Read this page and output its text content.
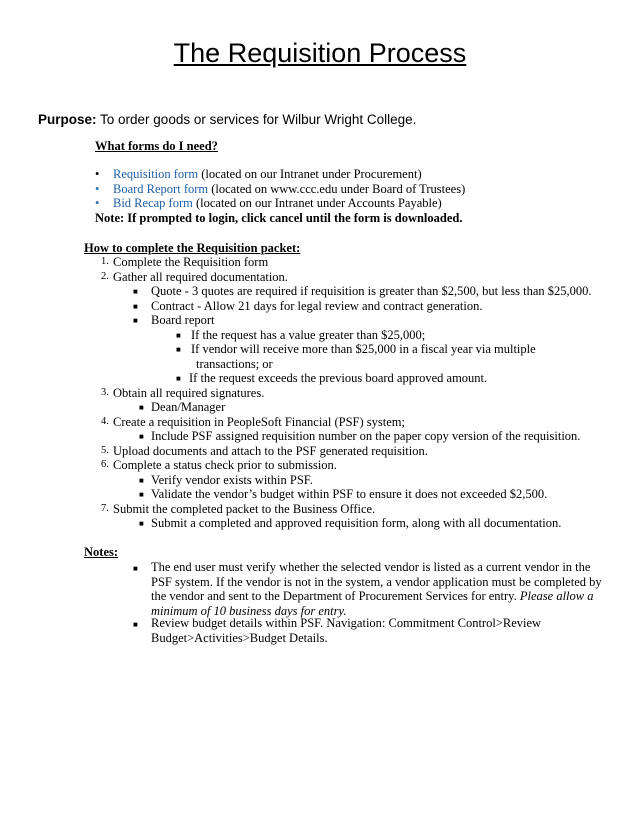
The Requisition Process
Purpose: To order goods or services for Wilbur Wright College.
What forms do I need?
• Requisition form (located on our Intranet under Procurement)
• Board Report form (located on www.ccc.edu under Board of Trustees)
• Bid Recap form (located on our Intranet under Accounts Payable)
Note: If prompted to login, click cancel until the form is downloaded.
How to complete the Requisition packet:
1. Complete the Requisition form
2. Gather all required documentation.
■ Quote - 3 quotes are required if requisition is greater than $2,500, but less than $25,000.
■ Contract - Allow 21 days for legal review and contract generation.
■ Board report
■ If the request has a value greater than $25,000;
■ If vendor will receive more than $25,000 in a fiscal year via multiple
transactions; or
■ If the request exceeds the previous board approved amount.
3. Obtain all required signatures.
■ Dean/Manager
4. Create a requisition in PeopleSoft Financial (PSF) system;
■ Include PSF assigned requisition number on the paper copy version of the requisition.
5. Upload documents and attach to the PSF generated requisition.
6. Complete a status check prior to submission.
■ Verify vendor exists within PSF.
■ Validate the vendor’s budget within PSF to ensure it does not exceeded $2,500.
7. Submit the completed packet to the Business Office.
■ Submit a completed and approved requisition form, along with all documentation.
Notes:
■ The end user must verify whether the selected vendor is listed as a current vendor in the PSF system. If the vendor is not in the system, a vendor application must be completed by the vendor and sent to the Department of Procurement Services for entry. Please allow a minimum of 10 business days for entry.
■ Review budget details within PSF. Navigation: Commitment Control>Review Budget>Activities>Budget Details.
